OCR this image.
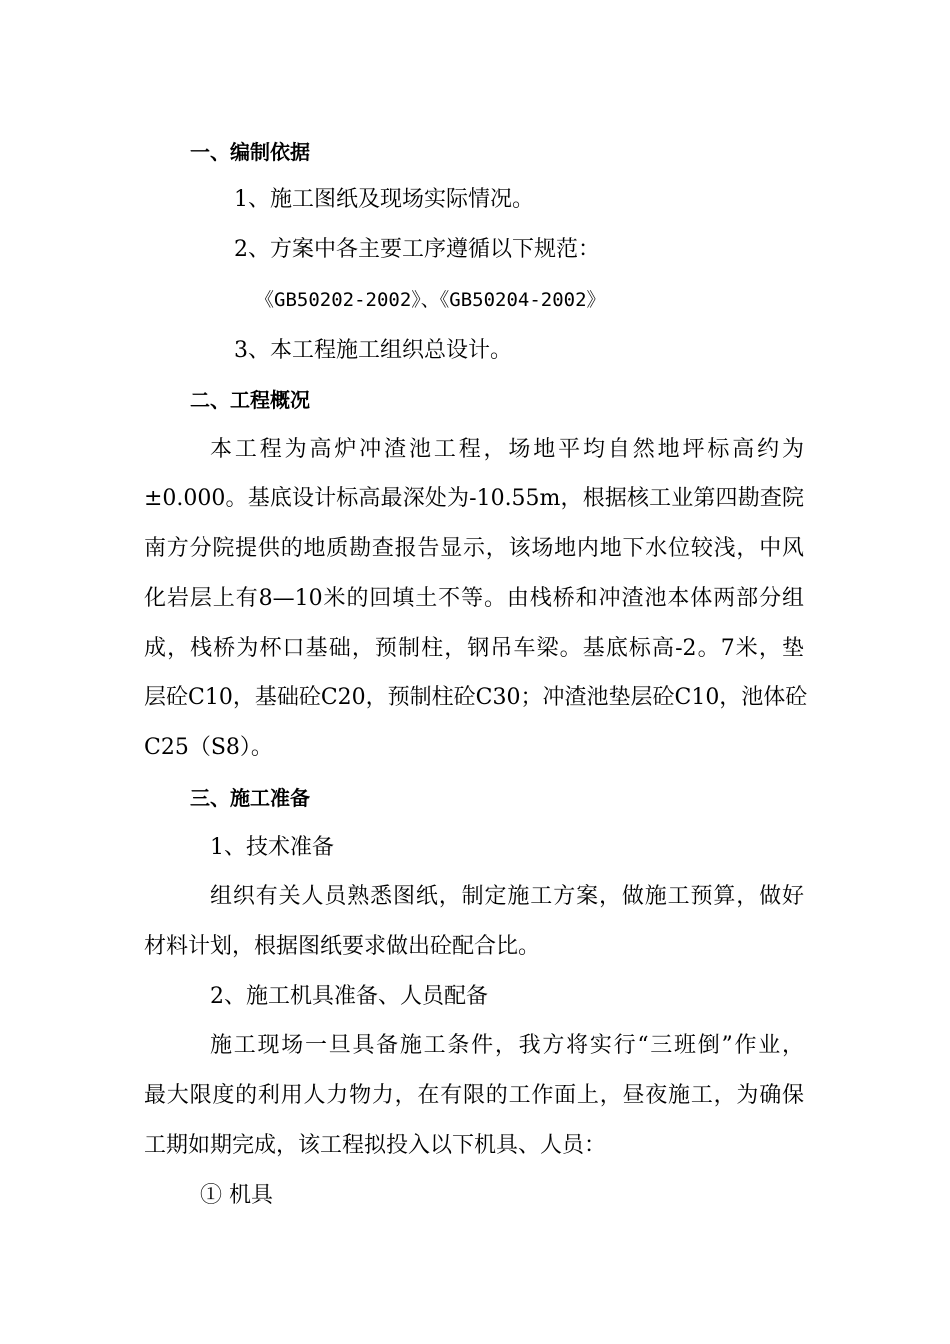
一、编制依据
1、施工图纸及现场实际情况。
2、方案中各主要工序遵循以下规范：
《GB50202-2002》、《GB50204-2002》
3、本工程施工组织总设计。
二、工程概况
本工程为高炉冲渣池工程，场地平均自然地坪标高约为
±0.000。基底设计标高最深处为-10.55m，根据核工业第四勘查院
南方分院提供的地质勘查报告显示，该场地内地下水位较浅，中风
化岩层上有8—10米的回填土不等。由栈桥和冲渣池本体两部分组
成，栈桥为杯口基础，预制柱，钢吊车梁。基底标高-2。7米，垫
层砼C10，基础砼C20，预制柱砼C30；冲渣池垫层砼C10，池体砼
C25（S8）。
三、施工准备
1、技术准备
组织有关人员熟悉图纸，制定施工方案，做施工预算，做好
材料计划，根据图纸要求做出砼配合比。
2、施工机具准备、人员配备
施工现场一旦具备施工条件，我方将实行“三班倒”作业，
最大限度的利用人力物力，在有限的工作面上，昼夜施工，为确保
工期如期完成，该工程拟投入以下机具、人员：
① 机具
